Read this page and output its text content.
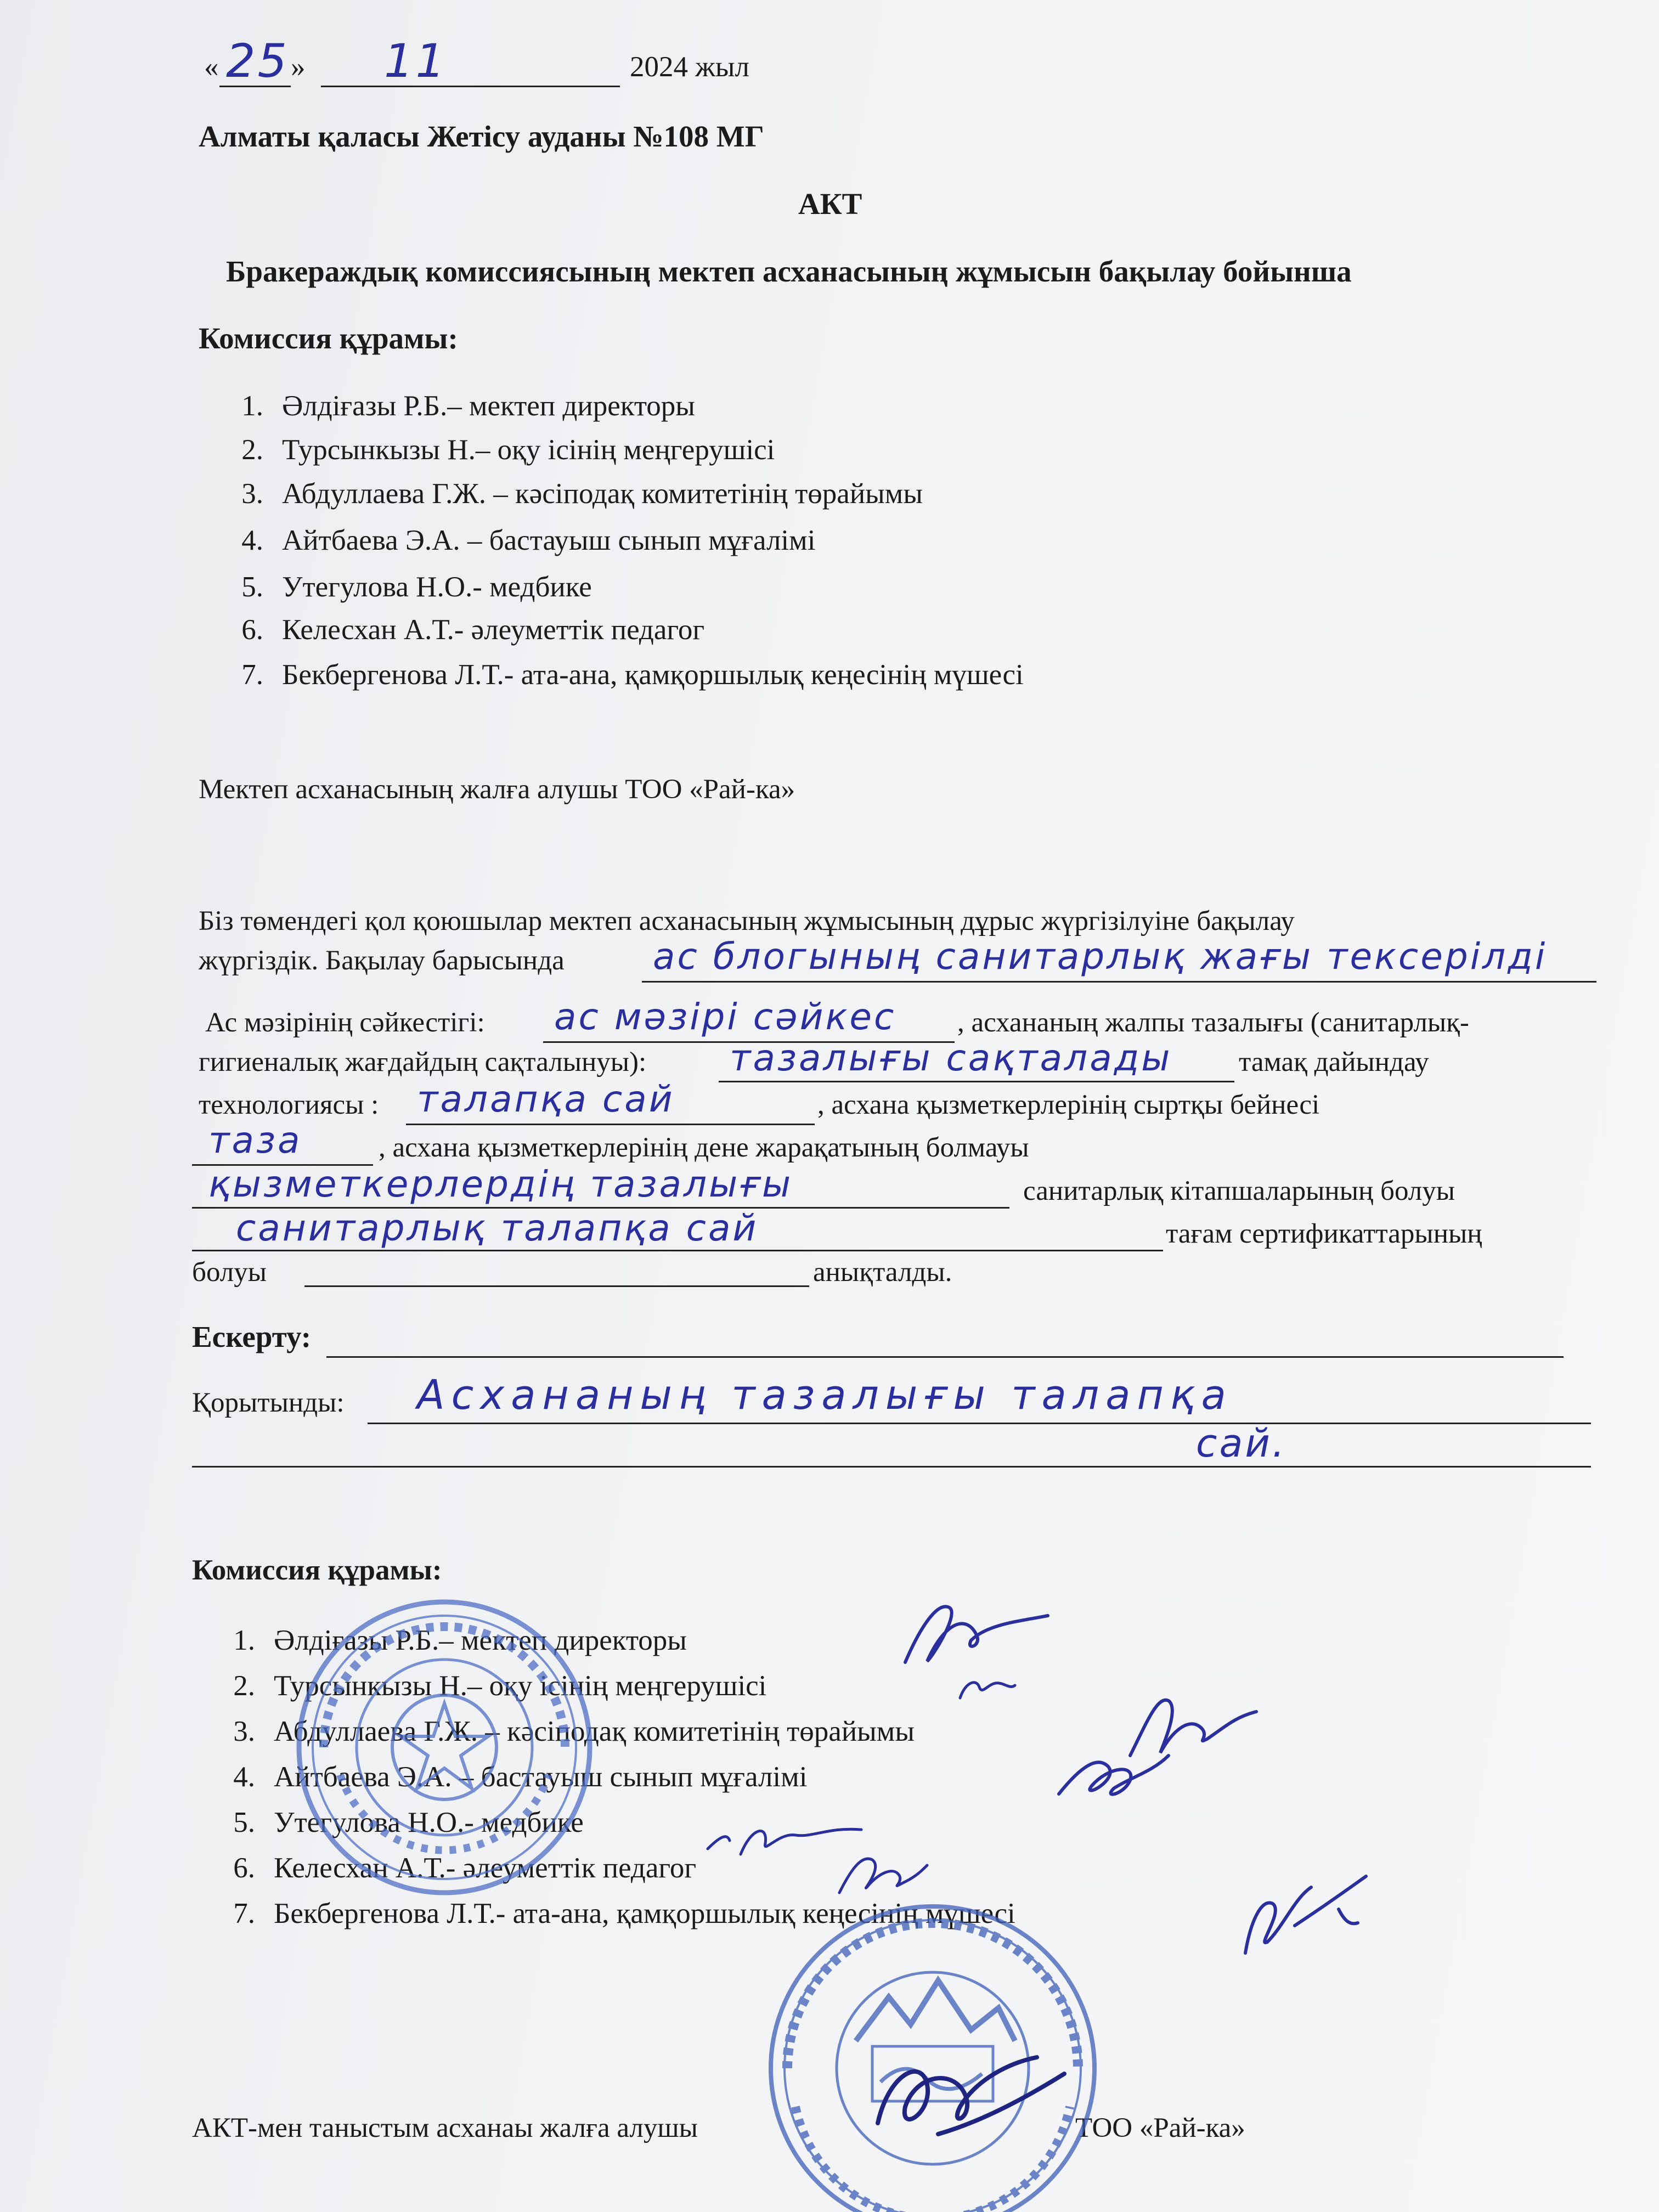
« 25 » 11	2024 жыл
Алматы қаласы Жетісу ауданы №108 МГ
АКТ
Бракераждық комиссиясының мектеп асханасының жұмысын бақылау бойынша
Комиссия құрамы:
1. Әлдіғазы Р.Б.– мектеп директоры
2. Турсынкызы Н.– оқу ісінің меңгерушісі
3. Абдуллаева Г.Ж. – кәсіподақ комитетінің төрайымы
4. Айтбаева Э.А. – бастауыш сынып мұғалімі
5. Утегулова Н.О.- медбике
6. Келесхан А.Т.- әлеуметтік педагог
7. Бекбергенова Л.Т.- ата-ана, қамқоршылық кеңесінің мүшесі
Мектеп асханасының жалға алушы ТОО «Рай-ка»
Біз төмендегі қол қоюшылар мектеп асханасының жұмысының дұрыс жүргізілуіне бақылау
жүргіздік. Бақылау барысында ас блогының санитарлық жағы тексерілді
Ас мәзірінің сәйкестігі: ас мәзірі сәйкес , асхананың жалпы тазалығы (санитарлық-
гигиеналық жағдайдың сақталынуы): тазалығы сақталады тамақ дайындау
технологиясы : талапқа сай	, асхана қызметкерлерінің сыртқы бейнесі
таза	, асхана қызметкерлерінің дене жарақатының болмауы
қызметкерлердің тазалығы	санитарлық кітапшаларының болуы
санитарлық талапқа сай	тағам сертификаттарының
болуы	анықталды.
Ескерту:
Қорытынды: Асхананың тазалығы талапқа
сай.
Комиссия құрамы:
1. Әлдіғазы Р.Б.– мектеп директоры
2. Турсынкызы Н.– оқу ісінің меңгерушісі
3. Абдуллаева Г.Ж. – кәсіподақ комитетінің төрайымы
4. Айтбаева Э.А. – бастауыш сынып мұғалімі
5. Утегулова Н.О.- медбике
6. Келесхан А.Т.- әлеуметтік педагог
7. Бекбергенова Л.Т.- ата-ана, қамқоршылық кеңесінің мүшесі
АКТ-мен таныстым асханаы жалға алушы	ТОО «Рай-ка»
